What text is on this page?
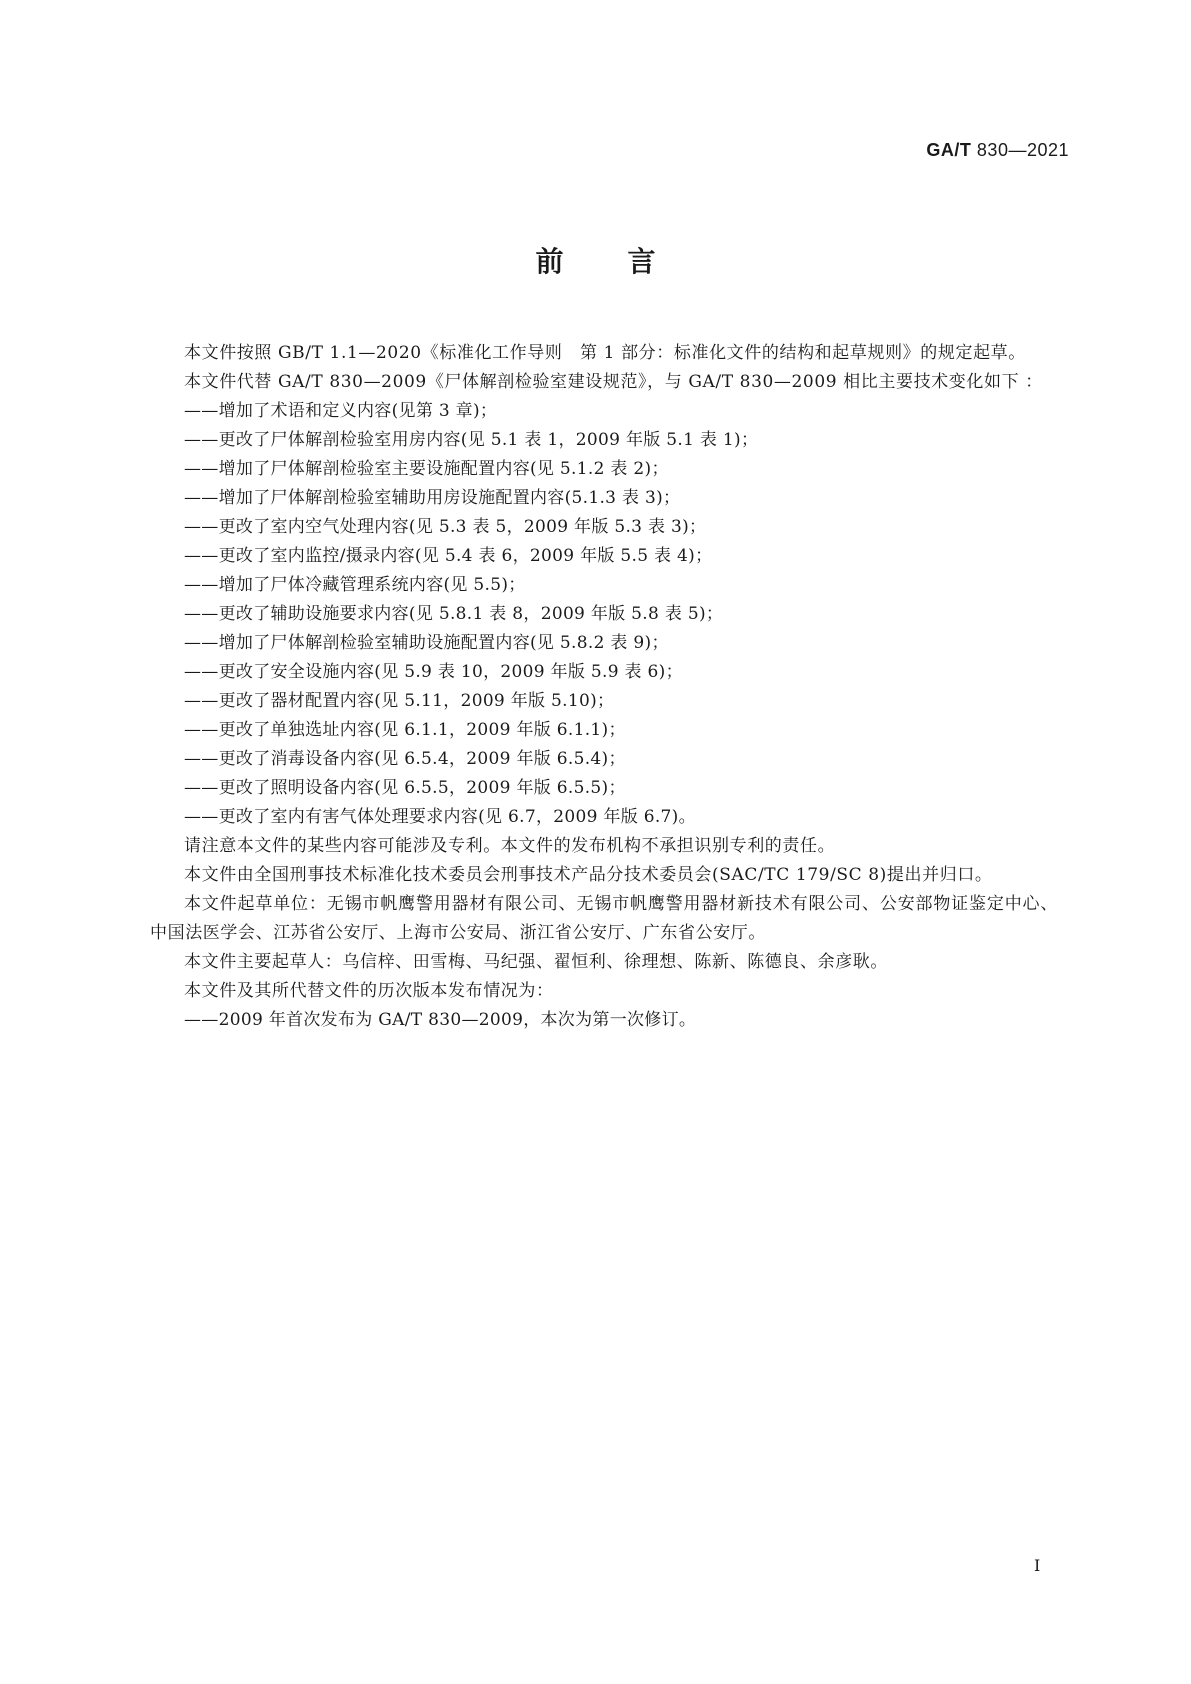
GA/T 830—2021
前言

本文件按照 GB/T 1.1—2020《标准化工作导则　第 1 部分：标准化文件的结构和起草规则》的规定起草。

本文件代替 GA/T 830—2009《尸体解剖检验室建设规范》，与 GA/T 830—2009 相比主要技术变化如下 ：

——增加了术语和定义内容(见第 3 章)；

——更改了尸体解剖检验室用房内容(见 5.1 表 1，2009 年版 5.1 表 1)；

——增加了尸体解剖检验室主要设施配置内容(见 5.1.2 表 2)；

——增加了尸体解剖检验室辅助用房设施配置内容(5.1.3 表 3)；

——更改了室内空气处理内容(见 5.3 表 5，2009 年版 5.3 表 3)；

——更改了室内监控/摄录内容(见 5.4 表 6，2009 年版 5.5 表 4)；

——增加了尸体冷藏管理系统内容(见 5.5)；

——更改了辅助设施要求内容(见 5.8.1 表 8，2009 年版 5.8 表 5)；

——增加了尸体解剖检验室辅助设施配置内容(见 5.8.2 表 9)；

——更改了安全设施内容(见 5.9 表 10，2009 年版 5.9 表 6)；

——更改了器材配置内容(见 5.11，2009 年版 5.10)；

——更改了单独选址内容(见 6.1.1，2009 年版 6.1.1)；

——更改了消毒设备内容(见 6.5.4，2009 年版 6.5.4)；

——更改了照明设备内容(见 6.5.5，2009 年版 6.5.5)；

——更改了室内有害气体处理要求内容(见 6.7，2009 年版 6.7)。

请注意本文件的某些内容可能涉及专利。本文件的发布机构不承担识别专利的责任。

本文件由全国刑事技术标准化技术委员会刑事技术产品分技术委员会(SAC/TC 179/SC 8)提出并归口。

本文件起草单位：无锡市帆鹰警用器材有限公司、无锡市帆鹰警用器材新技术有限公司、公安部物证鉴定中心、中国法医学会、江苏省公安厅、上海市公安局、浙江省公安厅、广东省公安厅。

本文件主要起草人：乌信梓、田雪梅、马纪强、翟恒利、徐理想、陈新、陈德良、余彦耿。

本文件及其所代替文件的历次版本发布情况为：

——2009 年首次发布为 GA/T 830—2009，本次为第一次修订。

I
